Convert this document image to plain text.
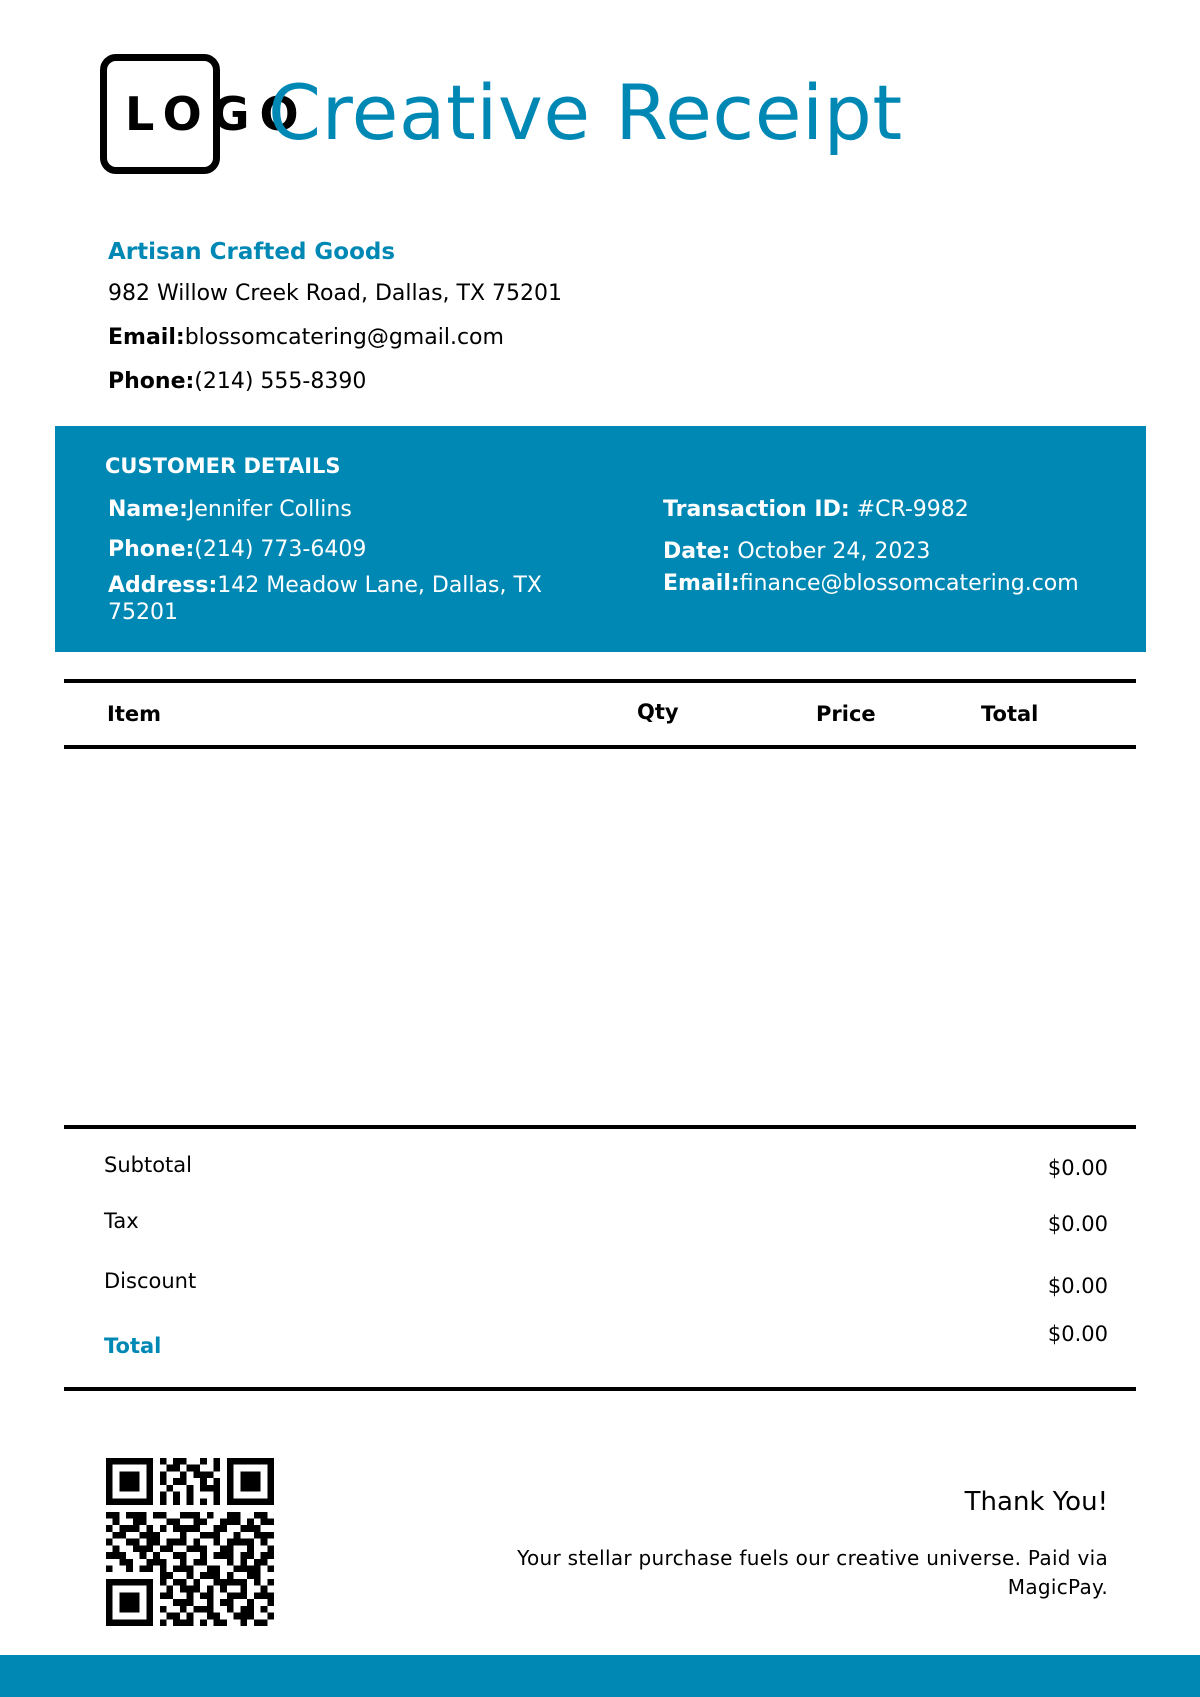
LOGO
Creative Receipt
Artisan Crafted Goods
982 Willow Creek Road, Dallas, TX 75201
Email:blossomcatering@gmail.com
Phone:(214) 555-8390
CUSTOMER DETAILS
Name:Jennifer Collins
Phone:(214) 773-6409
Address:142 Meadow Lane, Dallas, TX 75201
Transaction ID: #CR-9982
Date: October 24, 2023
Email:finance@blossomcatering.com
Item	Qty	Price	Total
Subtotal	$0.00
Tax	$0.00
Discount	$0.00
Total	$0.00
Thank You!
Your stellar purchase fuels our creative universe. Paid via MagicPay.
